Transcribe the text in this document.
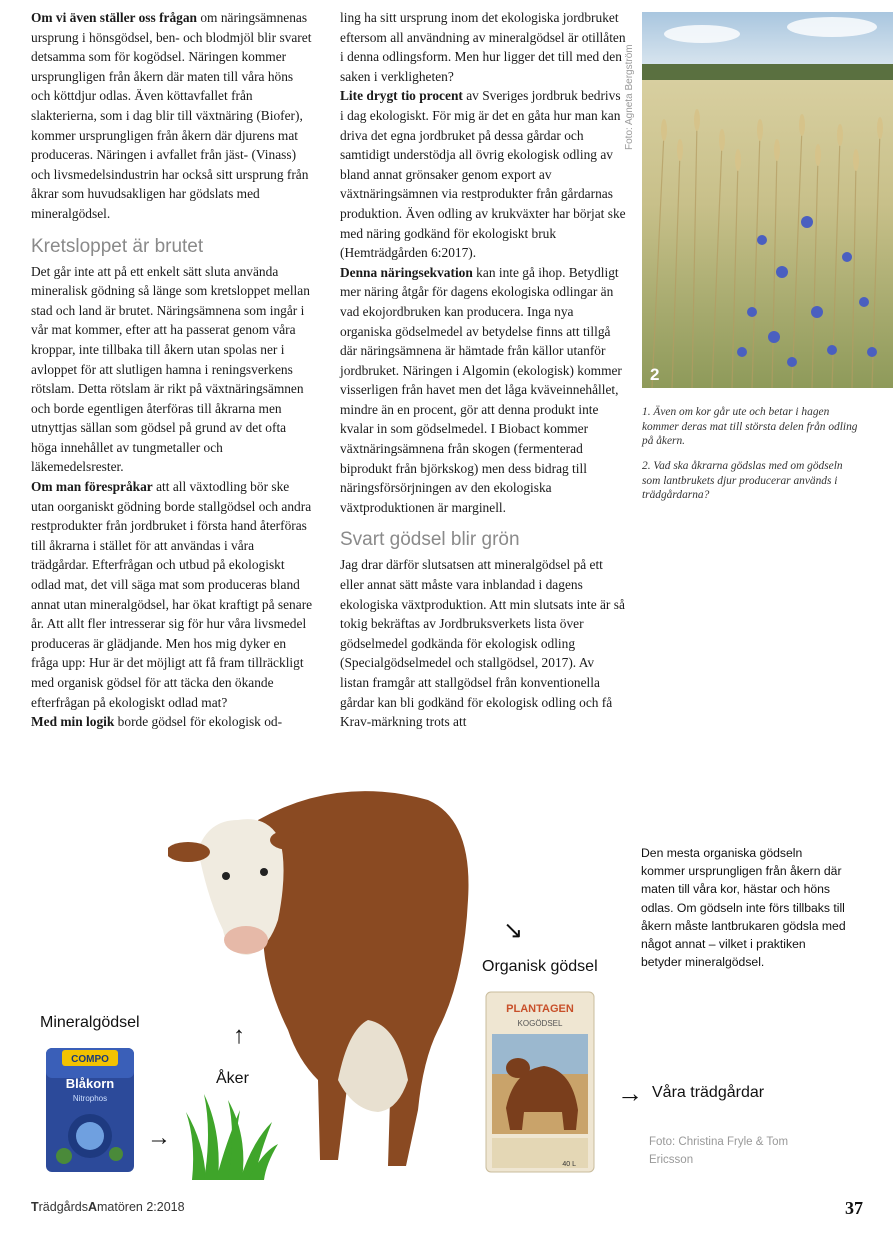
Om vi även ställer oss frågan om näringsämnenas ursprung i hönsgödsel, ben- och blodmjöl blir svaret detsamma som för kogödsel. Näringen kommer ursprungligen från åkern där maten till våra höns och köttdjur odlas. Även köttavfallet från slakterierna, som i dag blir till växtnäring (Biofer), kommer ursprungligen från åkern där djurens mat produceras. Näringen i avfallet från jäst- (Vinass) och livsmedelsindustrin har också sitt ursprung från åkrar som huvudsakligen har gödslats med mineralgödsel.

Kretsloppet är brutet

Det går inte att på ett enkelt sätt sluta använda mineralisk gödning så länge som kretsloppet mellan stad och land är brutet. Näringsämnena som ingår i vår mat kommer, efter att ha passerat genom våra kroppar, inte tillbaka till åkern utan spolas ner i avloppet för att slutligen hamna i reningsverkens rötslam. Detta rötslam är rikt på växtnäringsämnen och borde egentligen återföras till åkrarna men utnyttjas sällan som gödsel på grund av det ofta höga innehållet av tungmetaller och läkemedelsrester.

Om man förespråkar att all växtodling bör ske utan oorganiskt gödning borde stallgödsel och andra restprodukter från jordbruket i första hand återföras till åkrarna i stället för att användas i våra trädgårdar. Efterfrågan och utbud på ekologiskt odlad mat, det vill säga mat som produceras bland annat utan mineralgödsel, har ökat kraftigt på senare år. Att allt fler intresserar sig för hur våra livsmedel produceras är glädjande. Men hos mig dyker en fråga upp: Hur är det möjligt att få fram tillräckligt med organisk gödsel för att täcka den ökande efterfrågan på ekologiskt odlad mat?

Med min logik borde gödsel för ekologisk od-

ling ha sitt ursprung inom det ekologiska jordbruket eftersom all användning av mineralgödsel är otillåten i denna odlingsform. Men hur ligger det till med den saken i verkligheten?

Lite drygt tio procent av Sveriges jordbruk bedrivs i dag ekologiskt. För mig är det en gåta hur man kan driva det egna jordbruket på dessa gårdar och samtidigt understödja all övrig ekologisk odling av bland annat grönsaker genom export av växtnäringsämnen via restprodukter från gårdarnas produktion. Även odling av krukväxter har börjat ske med näring godkänd för ekologiskt bruk (Hemträdgården 6:2017).

Denna näringsekvation kan inte gå ihop. Betydligt mer näring åtgår för dagens ekologiska odlingar än vad ekojordbruken kan producera. Inga nya organiska gödselmedel av betydelse finns att tillgå där näringsämnena är hämtade från källor utanför jordbruket. Näringen i Algomin (ekologisk) kommer visserligen från havet men det låga kväveinnehållet, mindre än en procent, gör att denna produkt inte kvalar in som gödselmedel. I Biobact kommer växtnäringsämnena från skogen (fermenterad biprodukt från björkskog) men dess bidrag till näringsförsörjningen av den ekologiska växtproduktionen är marginell.

Svart gödsel blir grön

Jag drar därför slutsatsen att mineralgödsel på ett eller annat sätt måste vara inblandad i dagens ekologiska växtproduktion. Att min slutsats inte är så tokig bekräftas av Jordbruksverkets lista över gödselmedel godkända för ekologisk odling (Specialgödselmedel och stallgödsel, 2017). Av listan framgår att stallgödsel från konventionella gårdar kan bli godkänd för ekologisk odling och få Krav-märkning trots att

Foto: Agneta Bergström
2
1. Även om kor går ute och betar i hagen kommer deras mat till största delen från odling på åkern.
2. Vad ska åkrarna gödslas med om gödseln som lantbrukets djur producerar används i trädgårdarna?
Mineralgödsel
COMPO
Blåkorn
Nitrophos
→
Åker
↑
↘
Organisk gödsel
PLANTAGEN
KOGÖDSEL
40 L
→ Våra trädgårdar
Den mesta organiska gödseln kommer ursprungligen från åkern där maten till våra kor, hästar och höns odlas. Om gödseln inte förs tillbaks till åkern måste lantbrukaren gödsla med något annat – vilket i praktiken betyder mineralgödsel.
Foto: Christina Fryle & Tom Ericsson
TrädgårdsAmatören 2:2018	37
